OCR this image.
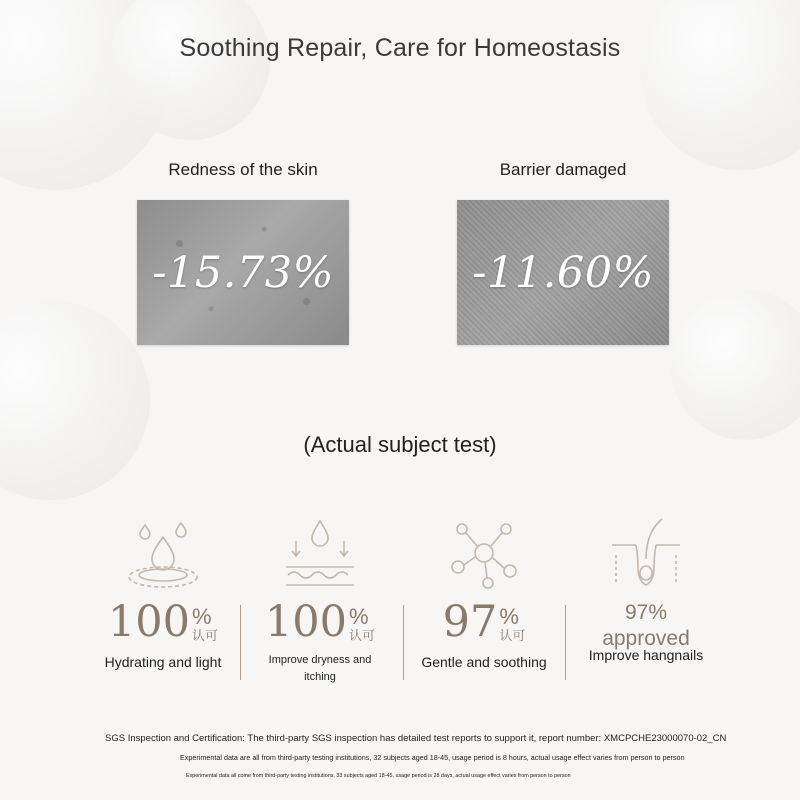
Soothing Repair, Care for Homeostasis
Redness of the skin
-15.73%
Barrier damaged
-11.60%
(Actual subject test)
100 %
认可
Hydrating and light
100 %
认可
Improve dryness and
itching
97 %
认可
Gentle and soothing
97%
approved
Improve hangnails
SGS Inspection and Certification: The third-party SGS inspection has detailed test reports to support it, report number: XMCPCHE23000070-02_CN
Experimental data are all from third-party testing institutions, 32 subjects aged 18-45, usage period is 8 hours, actual usage effect varies from person to person
Experimental data all come from third-party testing institutions, 33 subjects aged 18-45, usage period is 28 days, actual usage effect varies from person to person
